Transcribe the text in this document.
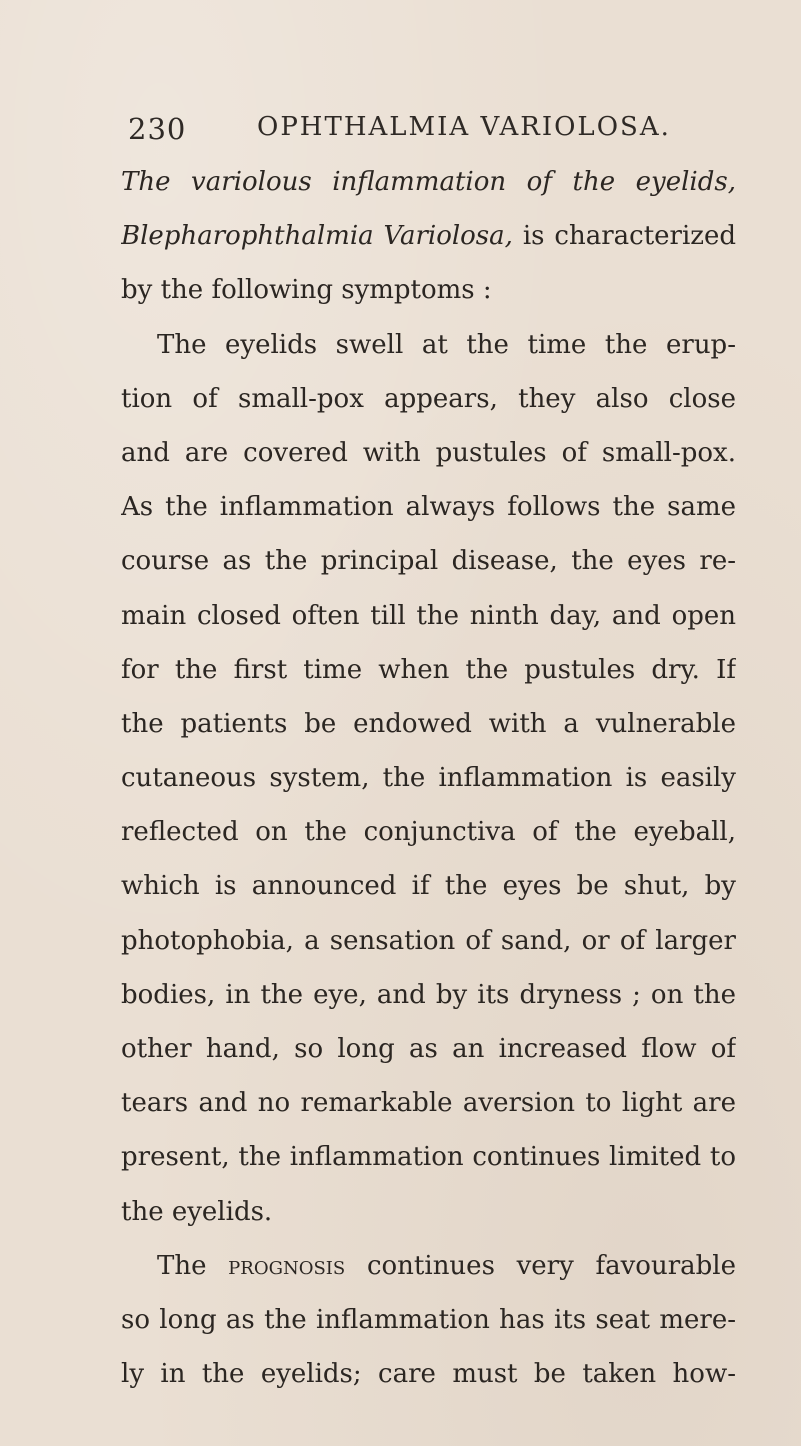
230	OPHTHALMIA VARIOLOSA.
The variolous inflammation of the eyelids,
Blepharophthalmia Variolosa, is characterized
by the following symptoms :
The eyelids swell at the time the erup-
tion of small-pox appears, they also close
and are covered with pustules of small-pox.
As the inflammation always follows the same
course as the principal disease, the eyes re-
main closed often till the ninth day, and open
for the first time when the pustules dry. If
the patients be endowed with a vulnerable
cutaneous system, the inflammation is easily
reflected on the conjunctiva of the eyeball,
which is announced if the eyes be shut, by
photophobia, a sensation of sand, or of larger
bodies, in the eye, and by its dryness ; on the
other hand, so long as an increased flow of
tears and no remarkable aversion to light are
present, the inflammation continues limited to
the eyelids.
The prognosis continues very favourable
so long as the inflammation has its seat mere-
ly in the eyelids; care must be taken how-
